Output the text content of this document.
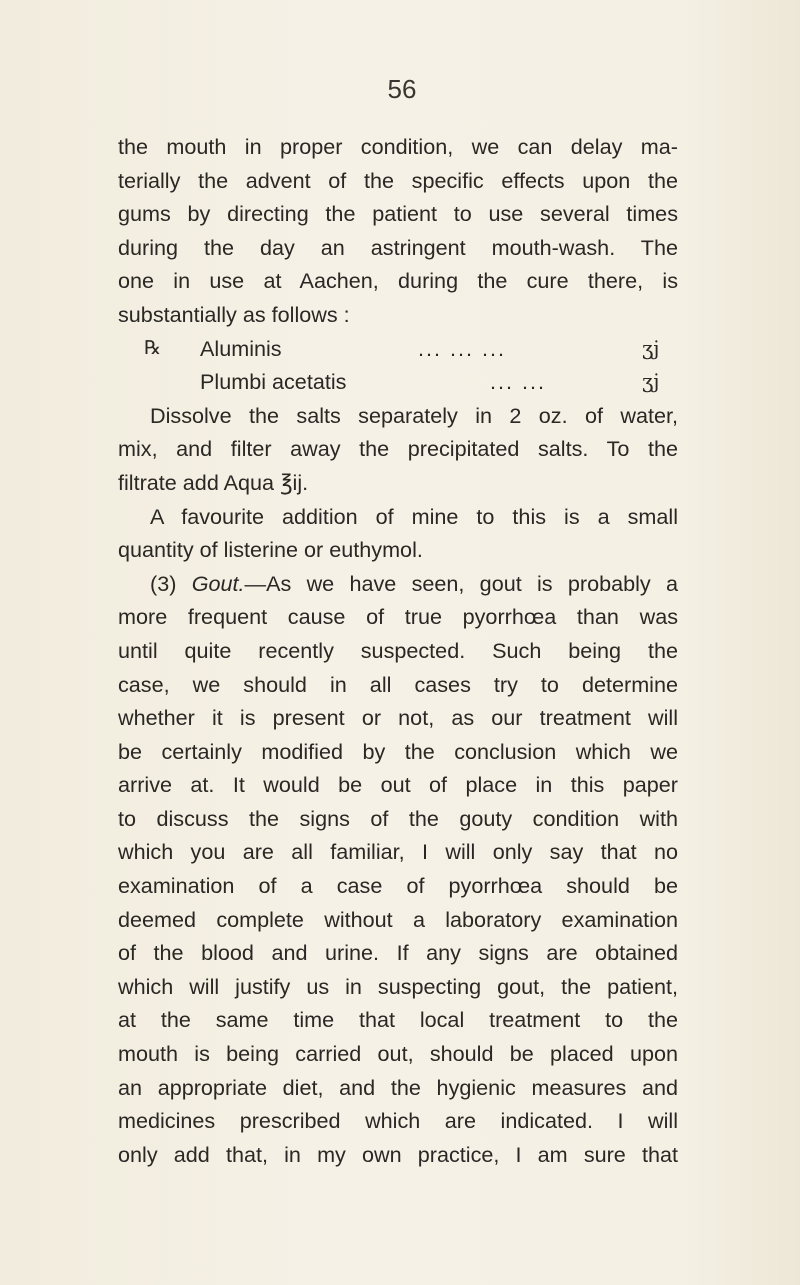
56
the mouth in proper condition, we can delay ma-
terially the advent of the specific effects upon the
gums by directing the patient to use several times
during the day an astringent mouth-wash. The
one in use at Aachen, during the cure there, is
substantially as follows :
℞ Aluminis	... ... ...	ʒj
Plumbi acetatis	... ...	ʒj
Dissolve the salts separately in 2 oz. of water,
mix, and filter away the precipitated salts. To the
filtrate add Aqua ℥ij.
A favourite addition of mine to this is a small
quantity of listerine or euthymol.
(3) Gout.—As we have seen, gout is probably a
more frequent cause of true pyorrhœa than was
until quite recently suspected. Such being the
case, we should in all cases try to determine
whether it is present or not, as our treatment will
be certainly modified by the conclusion which we
arrive at. It would be out of place in this paper
to discuss the signs of the gouty condition with
which you are all familiar, I will only say that no
examination of a case of pyorrhœa should be
deemed complete without a laboratory examination
of the blood and urine. If any signs are obtained
which will justify us in suspecting gout, the patient,
at the same time that local treatment to the
mouth is being carried out, should be placed upon
an appropriate diet, and the hygienic measures and
medicines prescribed which are indicated. I will
only add that, in my own practice, I am sure that
